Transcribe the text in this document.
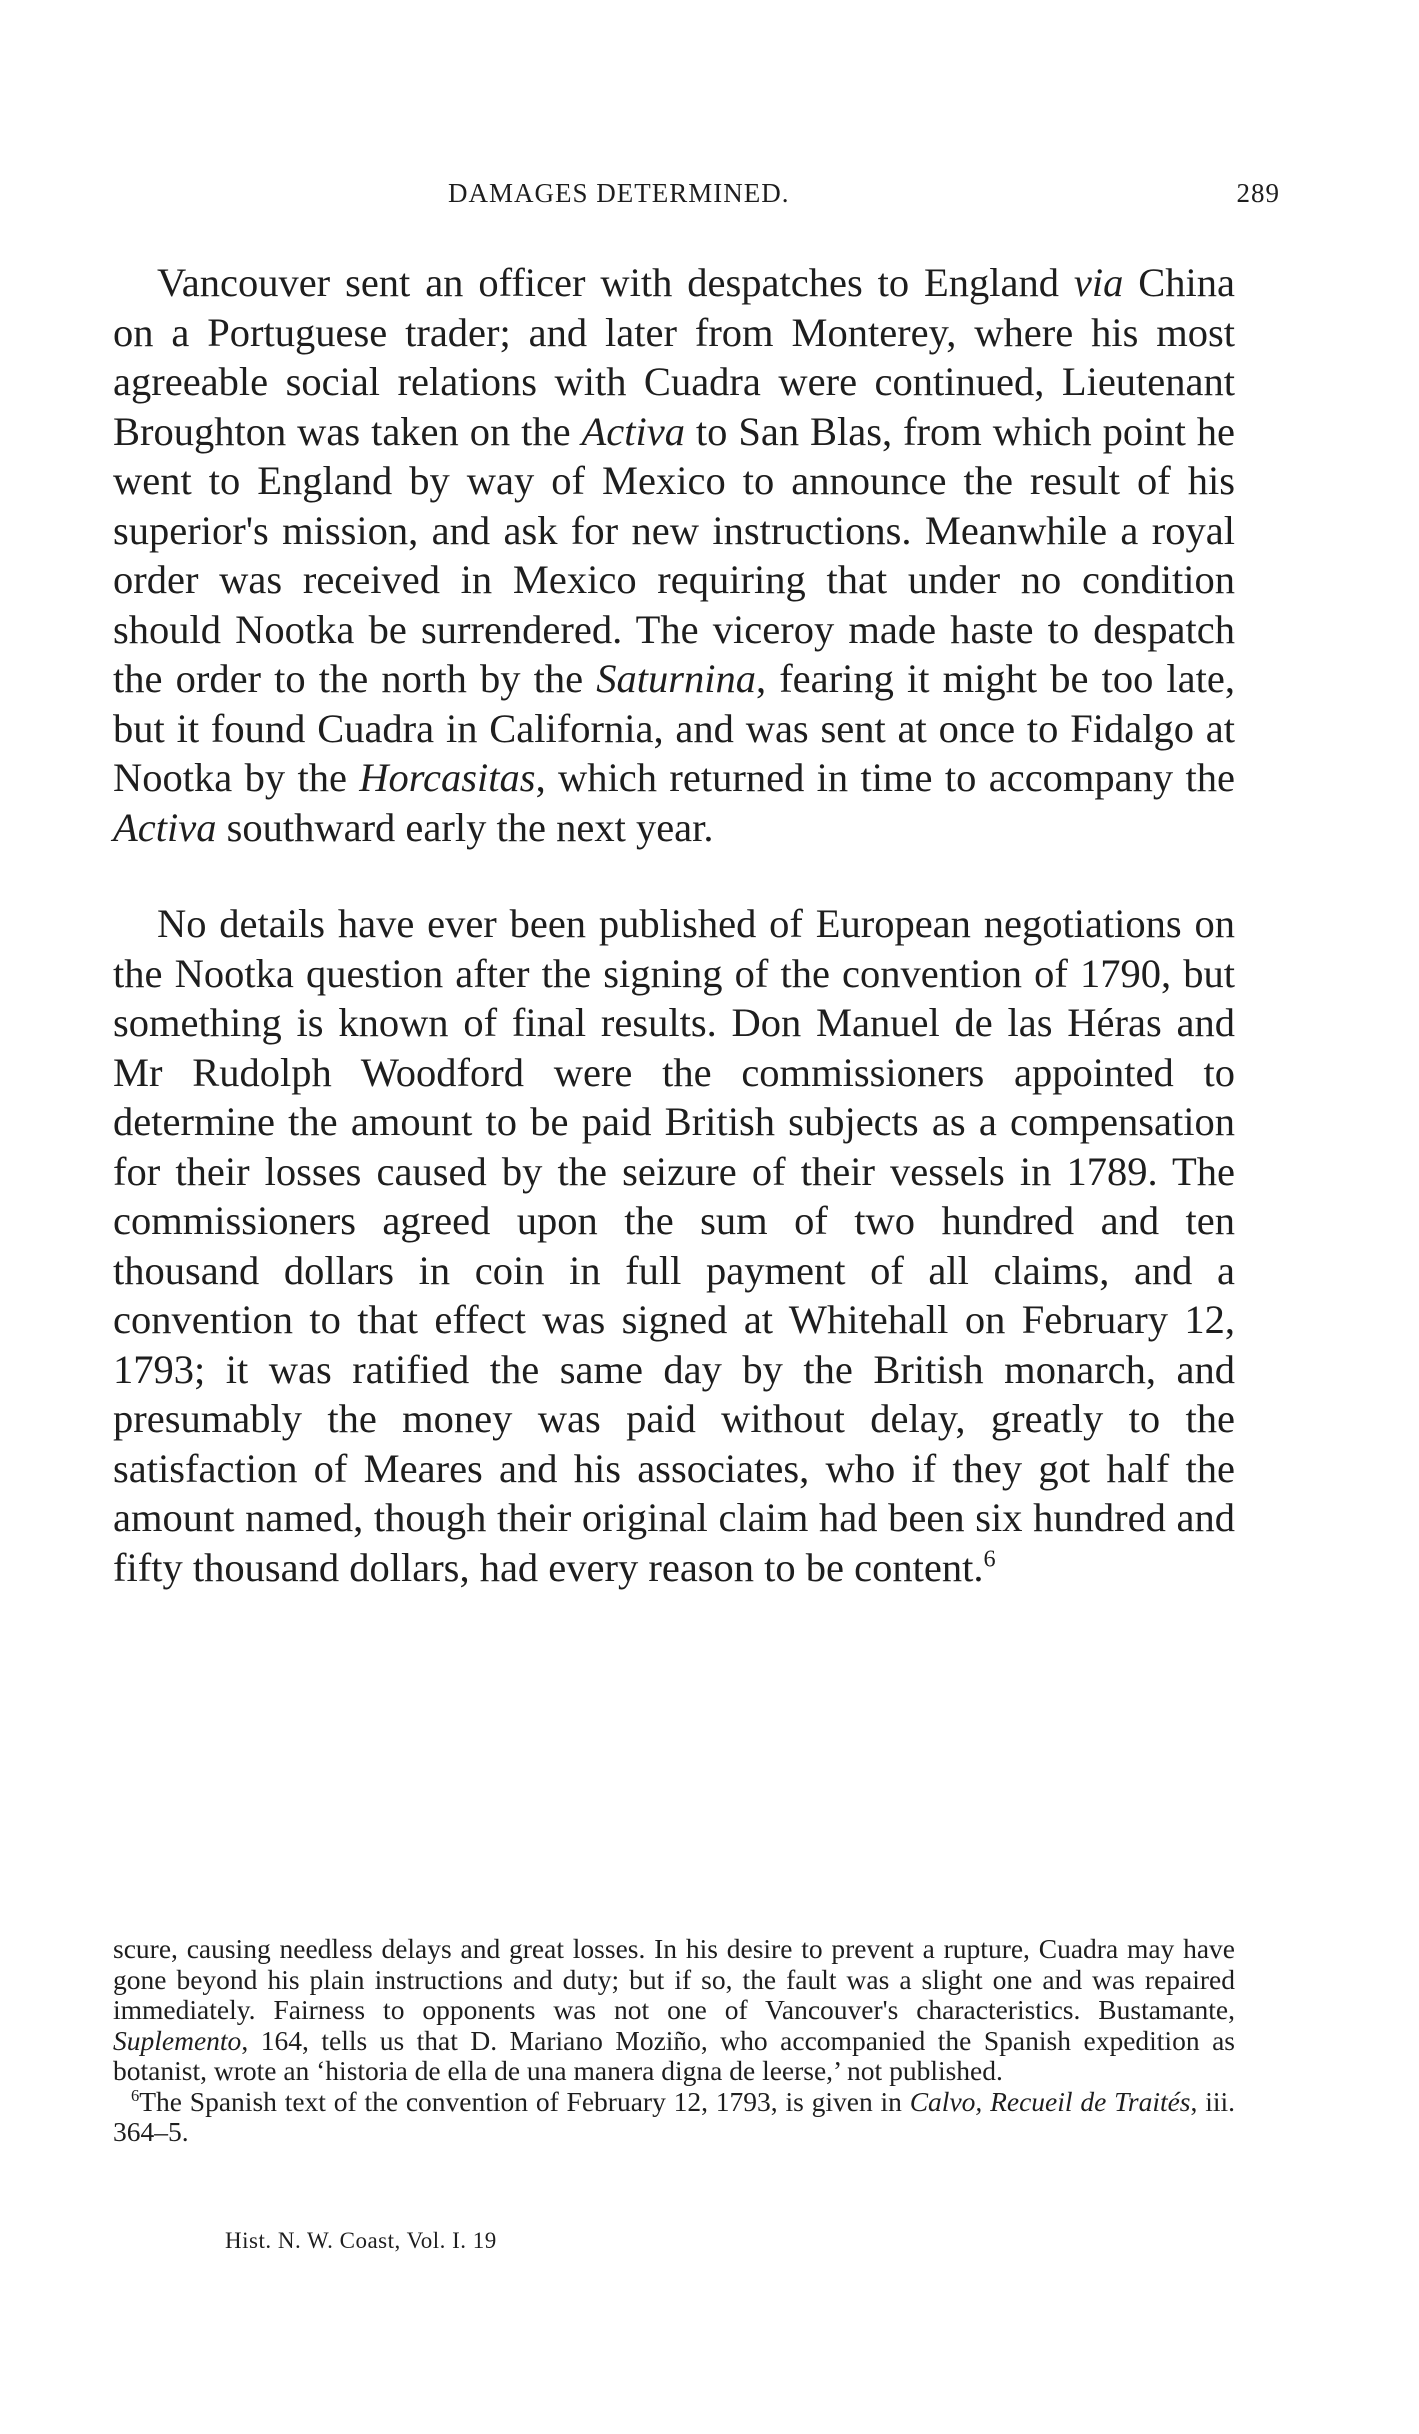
DAMAGES DETERMINED.	289

Vancouver sent an officer with despatches to England via China on a Portuguese trader; and later from Monterey, where his most agreeable social relations with Cuadra were continued, Lieutenant Broughton was taken on the Activa to San Blas, from which point he went to England by way of Mexico to announce the result of his superior's mission, and ask for new instructions. Meanwhile a royal order was received in Mexico requiring that under no condition should Nootka be surrendered. The viceroy made haste to despatch the order to the north by the Saturnina, fearing it might be too late, but it found Cuadra in California, and was sent at once to Fidalgo at Nootka by the Horcasitas, which returned in time to accompany the Activa southward early the next year.

No details have ever been published of European negotiations on the Nootka question after the signing of the convention of 1790, but something is known of final results. Don Manuel de las Héras and Mr Rudolph Woodford were the commissioners appointed to determine the amount to be paid British subjects as a compensation for their losses caused by the seizure of their vessels in 1789. The commissioners agreed upon the sum of two hundred and ten thousand dollars in coin in full payment of all claims, and a convention to that effect was signed at Whitehall on February 12, 1793; it was ratified the same day by the British monarch, and presumably the money was paid without delay, greatly to the satisfaction of Meares and his associates, who if they got half the amount named, though their original claim had been six hundred and fifty thousand dollars, had every reason to be content.$^6$

scure, causing needless delays and great losses. In his desire to prevent a rupture, Cuadra may have gone beyond his plain instructions and duty; but if so, the fault was a slight one and was repaired immediately. Fairness to opponents was not one of Vancouver's characteristics. Bustamante, Suplemento, 164, tells us that D. Mariano Moziño, who accompanied the Spanish expedition as botanist, wrote an ‘historia de ella de una manera digna de leerse,’ not published.

$^6$The Spanish text of the convention of February 12, 1793, is given in Calvo, Recueil de Traités, iii. 364–5.

Hist. N. W. Coast, Vol. I. 19
